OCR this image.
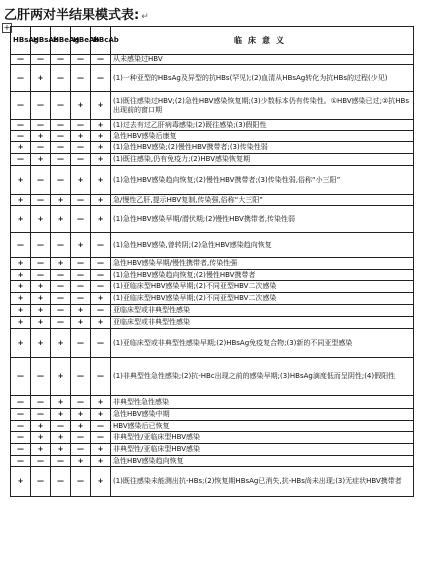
乙肝两对半结果模式表: ↵
+
HBsAg	HBsAb	HBeAg	HBeAb	HBcAb	临床意义
—	—	—	—	—	从未感染过HBV
—	+	—	—	—	(1)一种亚型的HBsAg及异型的抗HBs(罕见);(2)血清从HBsAg转化为抗HBs的过程(少见)
—	—	—	+	+	(1)既往感染过HBV;(2)急性HBV感染恢复期;(3)少数标本仍有传染性。①HBV感染已过;②抗HBs出现前的窗口期
—	—	—	—	+	(1)过去有过乙肝病毒感染;(2)既往感染;(3)假阳性
—	+	—	+	+	急性HBV感染后康复
+	—	—	—	+	(1)急性HBV感染;(2)慢性HBV携带者;(3)传染性弱
—	+	—	—	+	(1)既往感染,仍有免疫力;(2)HBV感染恢复期
+	—	—	+	+	(1)急性HBV感染趋向恢复;(2)慢性HBV携带者;(3)传染性弱,俗称“小三阳”
+	—	+	—	+	急/慢性乙肝,提示HBV复制,传染强,俗称“大三阳”
+	+	+	—	+	(1)急性HBV感染早期/潜伏期;(2)慢性HBV携带者,传染性弱
—	—	—	+	—	(1)急性HBV感染,曾转阴;(2)急性HBV感染趋向恢复
+	—	+	—	—	急性HBV感染早期/慢性携带者,传染性强
+	—	—	—	—	(1)急性HBV感染趋向恢复;(2)慢性HBV携带者
+	+	—	—	—	(1)亚临床型HBV感染早期;(2)不同亚型HBV二次感染
+	+	—	—	+	(1)亚临床型HBV感染早期;(2)不同亚型HBV二次感染
+	+	—	+	—	亚临床型或非典型性感染
+	+	—	+	+	亚临床型或非典型性感染
+	+	+	—	—	(1)亚临床型或非典型性感染早期;(2)HBsAg免疫复合物;(3)新的不同亚型感染
—	—	+	—	—	(1)非典型性急性感染;(2)抗-HBc出现之前的感染早期;(3)HBsAg滴度低而呈阴性;(4)假阳性
—	—	+	—	+	非典型性急性感染
—	—	+	+	+	急性HBV感染中期
—	+	—	+	—	HBV感染后已恢复
—	+	+	—	—	非典型性/亚临床型HBV感染
—	+	+	—	+	非典型性/亚临床型HBV感染
—	—	—	+	+	急性HBV感染趋向恢复
+	—	—	—	+	(1)既往感染未能测出抗-HBs;(2)恢复期HBsAg已消失,抗-HBs尚未出现;(3)无症状HBV携带者
